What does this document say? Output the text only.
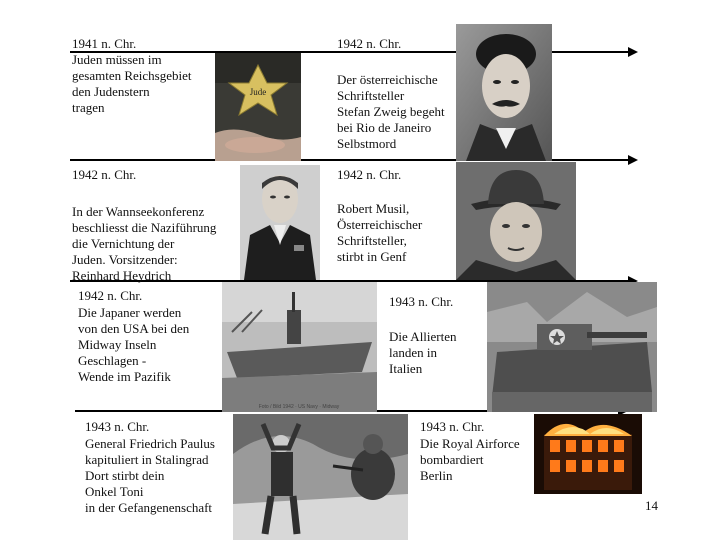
1941 n. Chr.
Juden müssen im
gesamten Reichsgebiet
den Judenstern
tragen
1942 n. Chr.
Der österreichische
Schriftsteller
Stefan Zweig begeht
bei Rio de Janeiro
Selbstmord
1942 n. Chr.
In der Wannseekonferenz
beschliesst die Naziführung
die Vernichtung der
Juden. Vorsitzender:
Reinhard Heydrich
1942 n. Chr.
Robert Musil,
Österreichischer
Schriftsteller,
stirbt in Genf
1942 n. Chr.
Die Japaner werden
von den USA bei den
Midway Inseln
Geschlagen -
Wende im Pazifik
1943 n. Chr.
Die Allierten
landen in
Italien
1943 n. Chr.
General Friedrich Paulus
kapituliert in Stalingrad
Dort stirbt dein
Onkel Toni
in der Gefangenenschaft
1943 n. Chr.
Die Royal Airforce
bombardiert
Berlin
Jude
Foto / Bild 1942 · US Navy · Midway
14
